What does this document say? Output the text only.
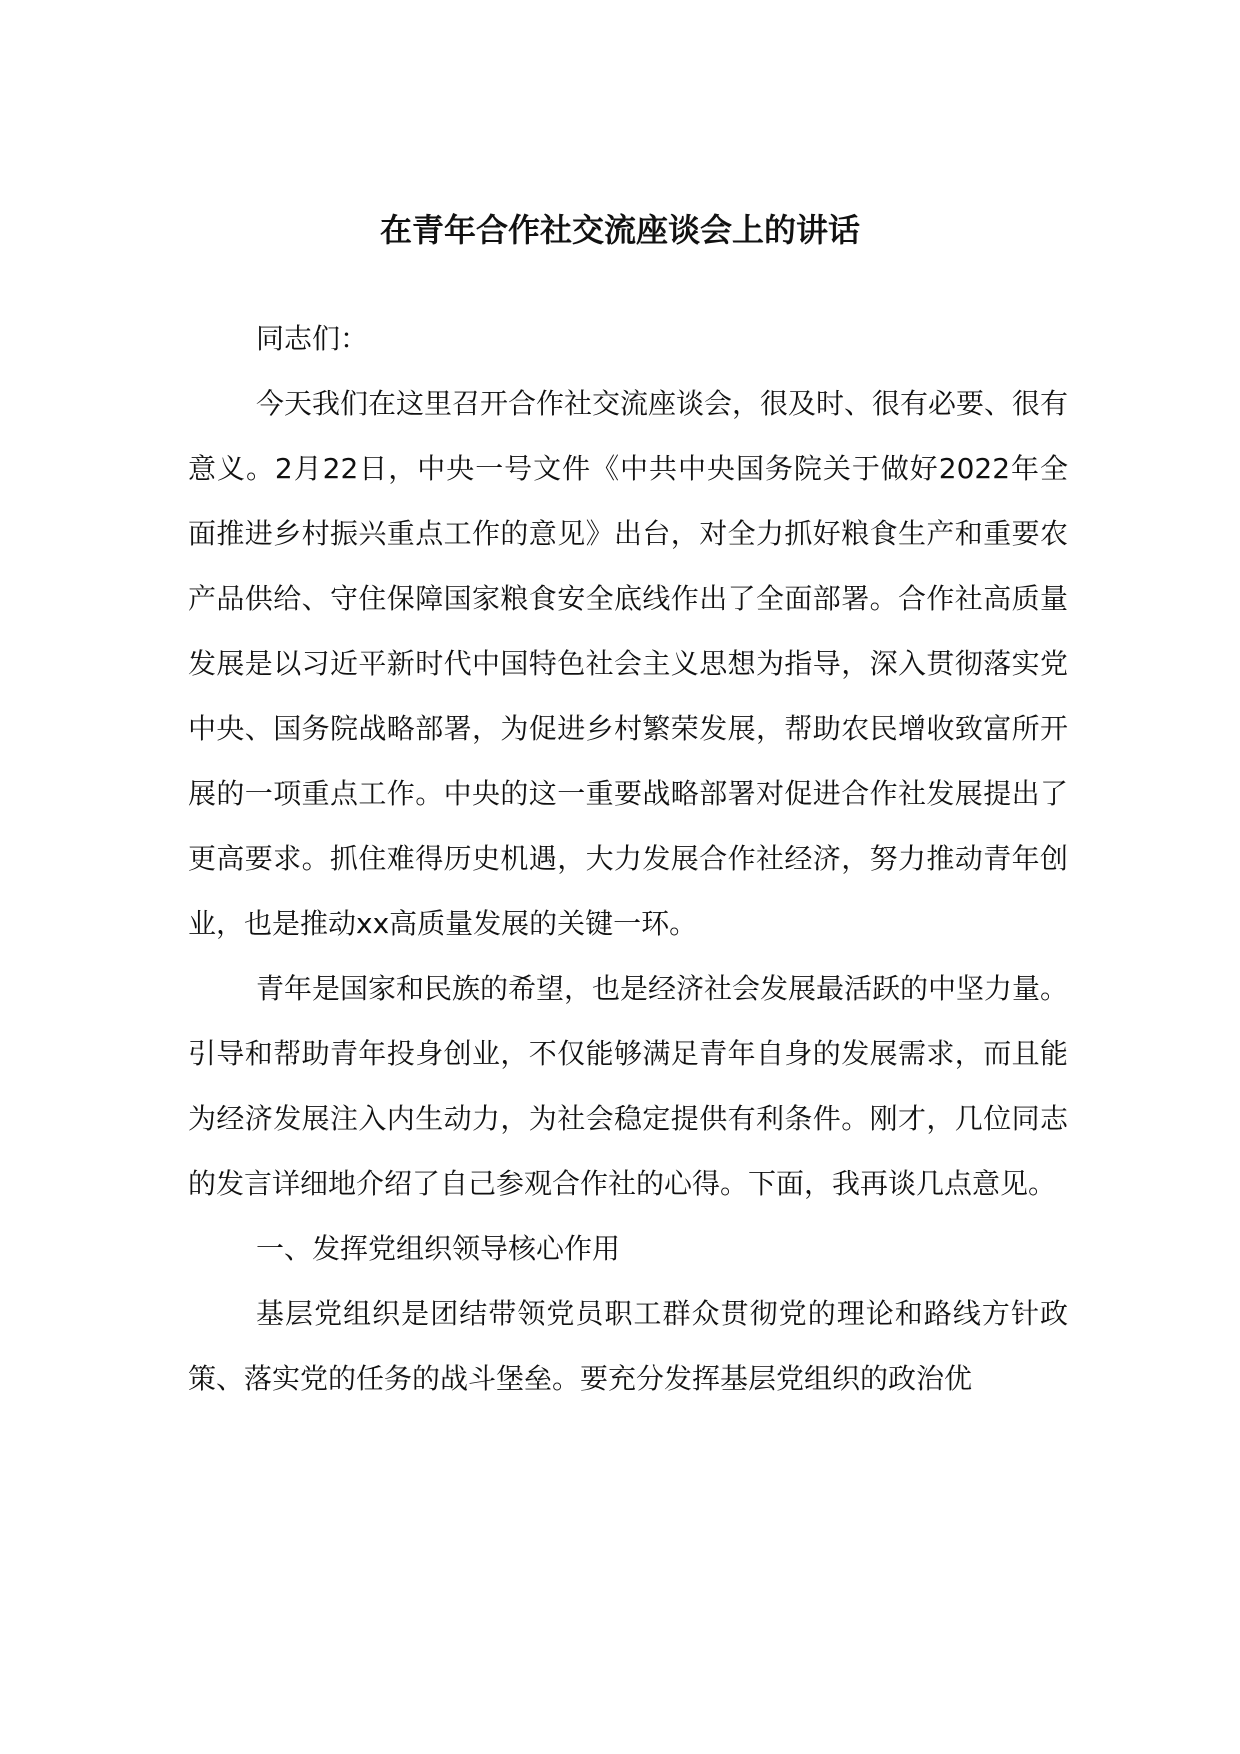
在青年合作社交流座谈会上的讲话

同志们：

今天我们在这里召开合作社交流座谈会，很及时、很有必要、很有意义。2月22日，中央一号文件《中共中央国务院关于做好2022年全面推进乡村振兴重点工作的意见》出台，对全力抓好粮食生产和重要农产品供给、守住保障国家粮食安全底线作出了全面部署。合作社高质量发展是以习近平新时代中国特色社会主义思想为指导，深入贯彻落实党中央、国务院战略部署，为促进乡村繁荣发展，帮助农民增收致富所开展的一项重点工作。中央的这一重要战略部署对促进合作社发展提出了更高要求。抓住难得历史机遇，大力发展合作社经济，努力推动青年创业，也是推动xx高质量发展的关键一环。

青年是国家和民族的希望，也是经济社会发展最活跃的中坚力量。引导和帮助青年投身创业，不仅能够满足青年自身的发展需求，而且能为经济发展注入内生动力，为社会稳定提供有利条件。刚才，几位同志的发言详细地介绍了自己参观合作社的心得。下面，我再谈几点意见。

一、发挥党组织领导核心作用

基层党组织是团结带领党员职工群众贯彻党的理论和路线方针政策、落实党的任务的战斗堡垒。要充分发挥基层党组织的政治优
